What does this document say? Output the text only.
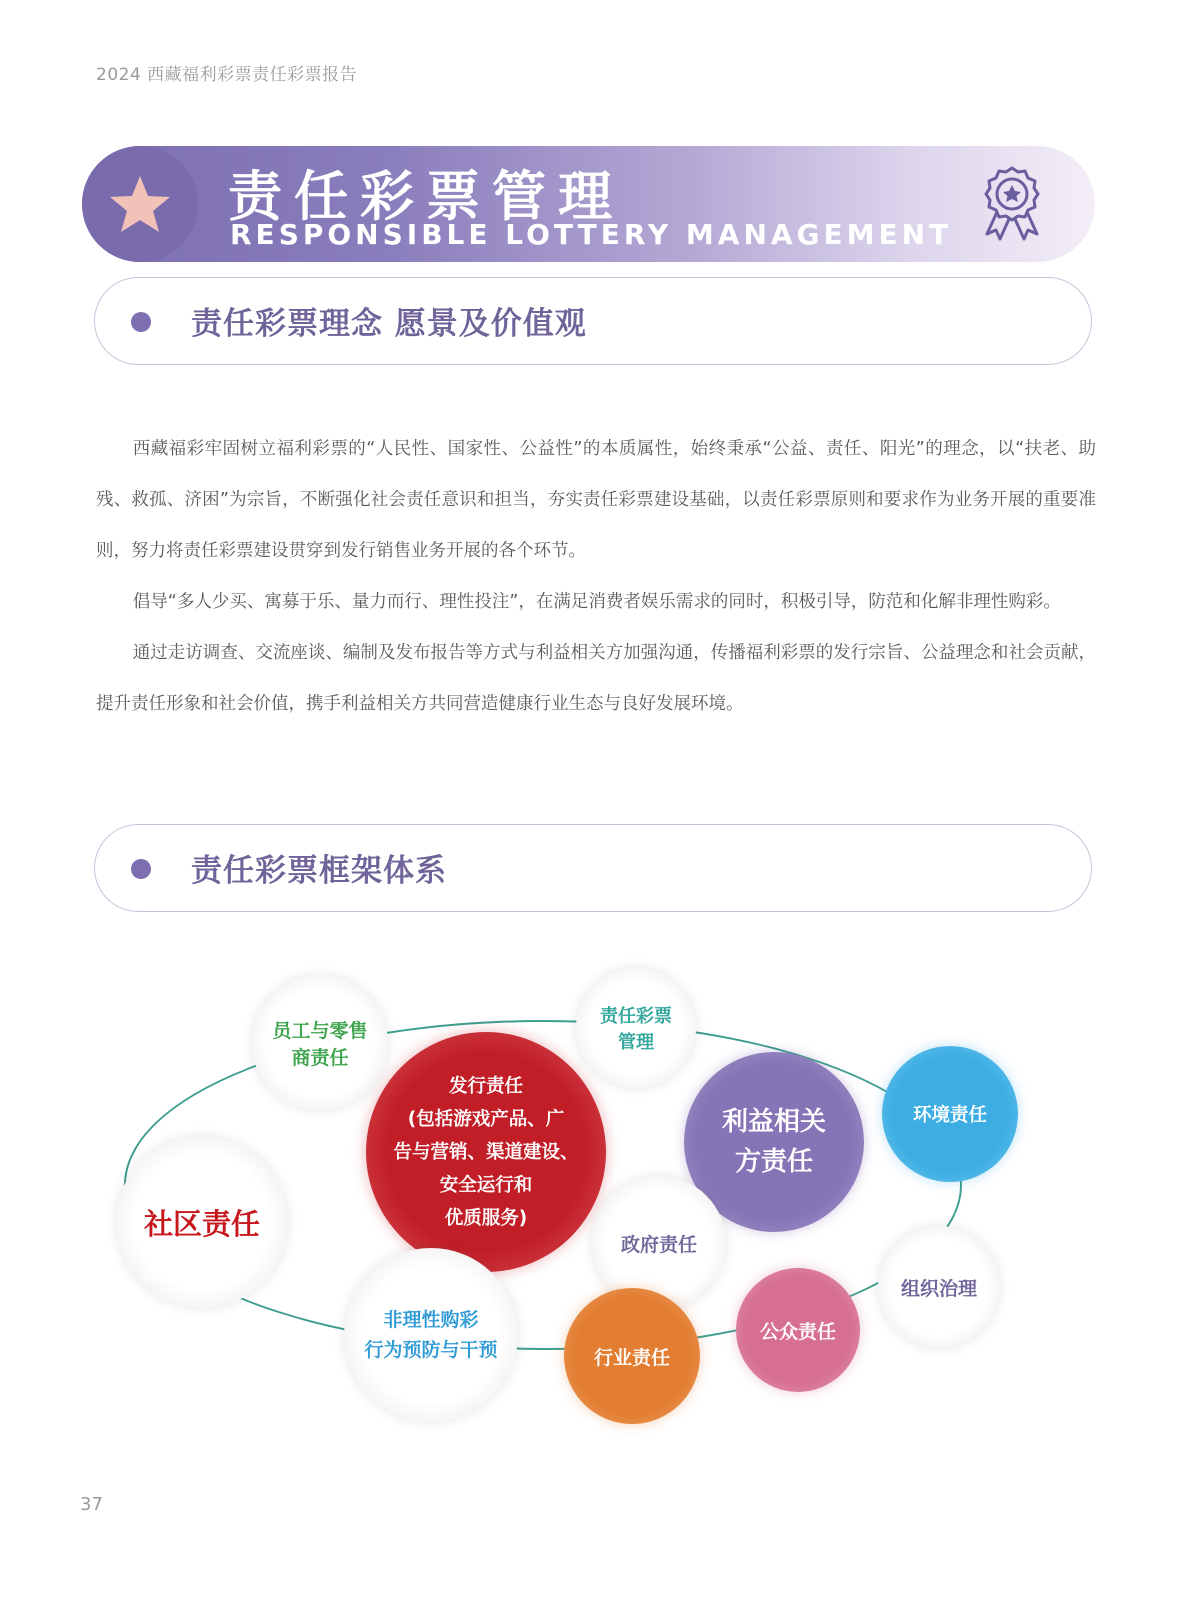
2024 西藏福利彩票责任彩票报告
责任彩票管理
RESPONSIBLE LOTTERY MANAGEMENT
责任彩票理念 愿景及价值观

西藏福彩牢固树立福利彩票的“人民性、国家性、公益性”的本质属性，始终秉承“公益、责任、阳光”的理念，以“扶老、助残、救孤、济困”为宗旨，不断强化社会责任意识和担当，夯实责任彩票建设基础，以责任彩票原则和要求作为业务开展的重要准则，努力将责任彩票建设贯穿到发行销售业务开展的各个环节。

倡导“多人少买、寓募于乐、量力而行、理性投注”，在满足消费者娱乐需求的同时，积极引导，防范和化解非理性购彩。

通过走访调查、交流座谈、编制及发布报告等方式与利益相关方加强沟通，传播福利彩票的发行宗旨、公益理念和社会贡献，提升责任形象和社会价值，携手利益相关方共同营造健康行业生态与良好发展环境。

责任彩票框架体系
员工与零售
商责任
责任彩票
管理
发行责任
(包括游戏产品、广
告与营销、渠道建设、
安全运行和
优质服务)
利益相关
方责任
环境责任
社区责任
政府责任
组织治理
非理性购彩
行为预防与干预	行业责任
公众责任
37
